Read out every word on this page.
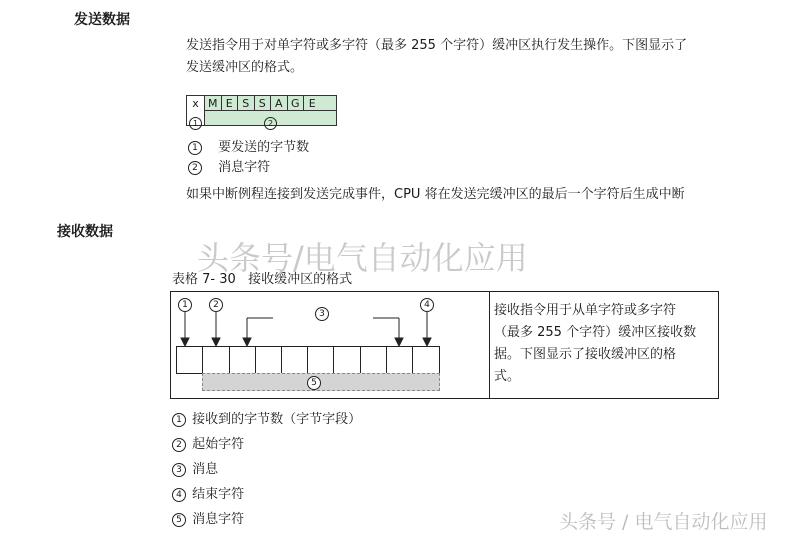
发送数据
发送指令用于对单字符或多字符（最多 255 个字符）缓冲区执行发生操作。下图显示了
发送缓冲区的格式。
x M E S S A G E
1	2
1 要发送的字节数
2 消息字符
如果中断例程连接到发送完成事件，CPU 将在发送完缓冲区的最后一个字符后生成中断
接收数据
头条号/电气自动化应用
表格 7- 30   接收缓冲区的格式
1	2
3
4
5
接收指令用于从单字符或多字符
（最多 255 个字符）缓冲区接收数
据。下图显示了接收缓冲区的格
式。
1 接收到的字节数（字节字段）
2 起始字符
3 消息
4 结束字符
5 消息字符	头条号 / 电气自动化应用
